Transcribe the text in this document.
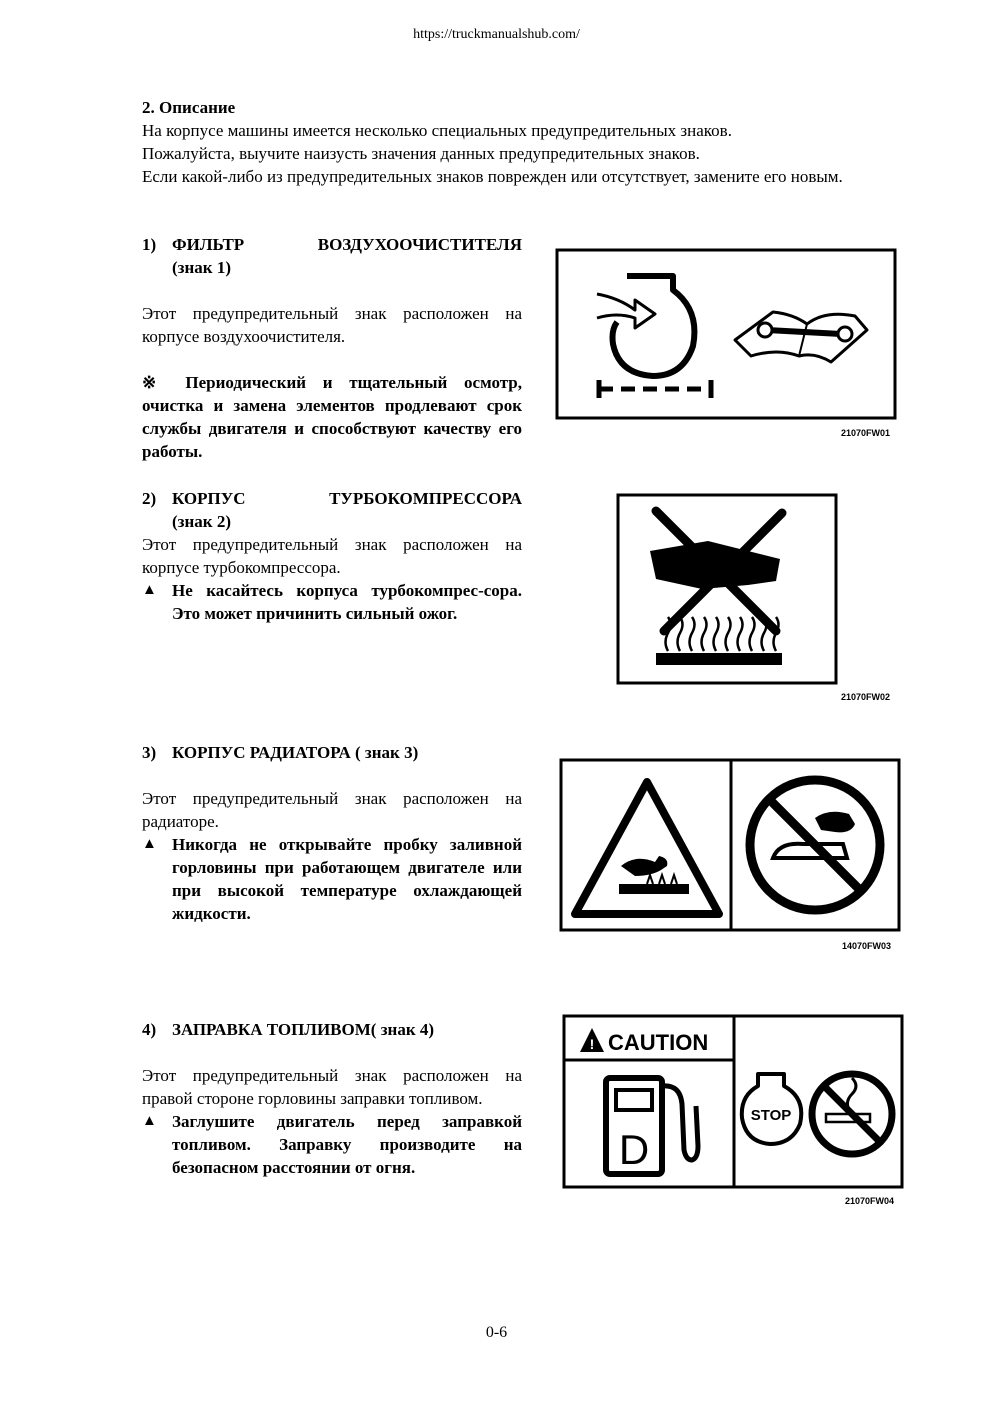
https://truckmanualshub.com/

2. Описание

На корпусе машины имеется несколько специальных предупредительных знаков.

Пожалуйста, выучите наизусть значения данных предупредительных знаков.

Если какой-либо из предупредительных знаков поврежден или отсутствует, замените его новым.

1) ФИЛЬТР	ВОЗДУХООЧИСТИТЕЛЯ
(знак 1)

Этот предупредительный знак расположен на корпусе воздухоочистителя.

※ Периодический и тщательный осмотр, очистка и замена элементов продлевают срок службы двигателя и способствуют качеству его работы.

2) КОРПУС	ТУРБОКОМПРЕССОРА
(знак 2)

Этот предупредительный знак расположен на корпусе турбокомпрессора.

▲ Не касайтесь корпуса турбокомпрес-сора. Это может причинить сильный ожог.
3) КОРПУС РАДИАТОРА ( знак 3)

Этот предупредительный знак расположен на радиаторе.

▲ Никогда не открывайте пробку заливной горловины при работающем двигателе или при высокой температуре охлаждающей жидкости.
4) ЗАПРАВКА ТОПЛИВОМ( знак 4)

Этот предупредительный знак расположен на правой стороне горловины заправки топливом.

▲ Заглушите двигатель перед заправкой топливом. Заправку производите на безопасном расстоянии от огня.
21070FW01
21070FW02
14070FW03
! CAUTION
D
STOP
21070FW04
0-6
